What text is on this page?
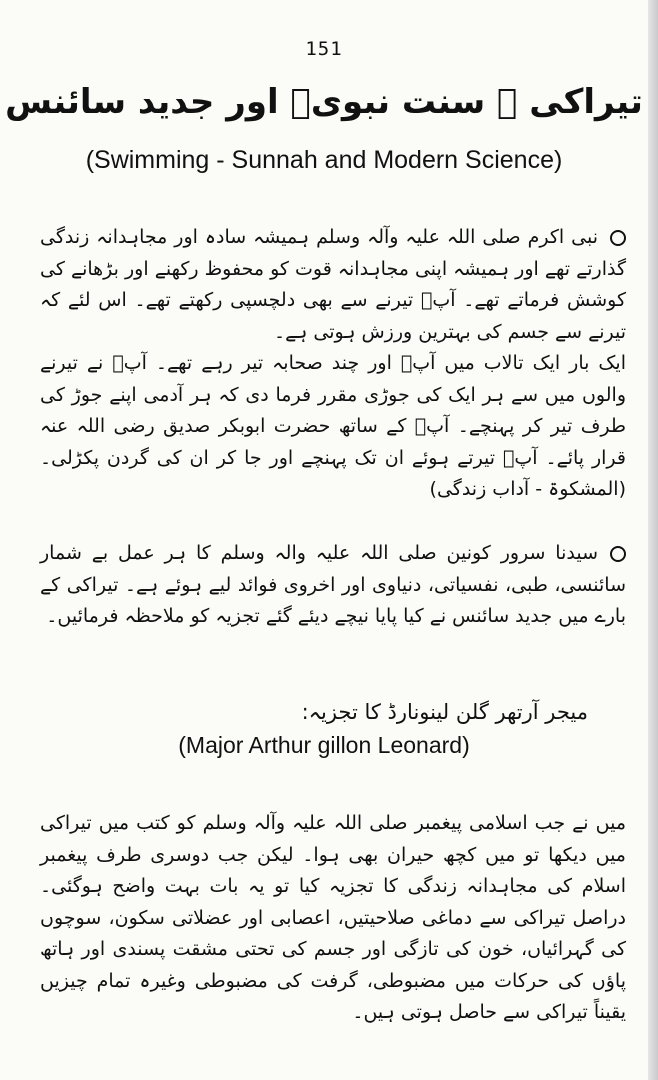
151
تیراکی ۔ سنت نبویؐ اور جدید سائنس
(Swimming - Sunnah and Modern Science)

نبی اکرم صلی اللہ علیہ وآلہ وسلم ہمیشہ سادہ اور مجاہدانہ زندگی گذارتے تھے اور ہمیشہ اپنی مجاہدانہ قوت کو محفوظ رکھنے اور بڑھانے کی کوشش فرماتے تھے۔ آپؐ تیرنے سے بھی دلچسپی رکھتے تھے۔ اس لئے کہ تیرنے سے جسم کی بہترین ورزش ہوتی ہے۔

ایک بار ایک تالاب میں آپؐ اور چند صحابہ تیر رہے تھے۔ آپؐ نے تیرنے والوں میں سے ہر ایک کی جوڑی مقرر فرما دی کہ ہر آدمی اپنے جوڑ کی طرف تیر کر پہنچے۔ آپؐ کے ساتھ حضرت ابوبکر صدیق رضی اللہ عنہ قرار پائے۔ آپؐ تیرتے ہوئے ان تک پہنچے اور جا کر ان کی گردن پکڑلی۔ (المشکوۃ - آداب زندگی)

سیدنا سرور کونین صلی اللہ علیہ والہ وسلم کا ہر عمل بے شمار سائنسی، طبی، نفسیاتی، دنیاوی اور اخروی فوائد لیے ہوئے ہے۔ تیراکی کے بارے میں جدید سائنس نے کیا پایا نیچے دیئے گئے تجزیہ کو ملاحظہ فرمائیں۔

میجر آرتھر گلن لینونارڈ کا تجزیہ:
(Major Arthur gillon Leonard)

میں نے جب اسلامی پیغمبر صلی اللہ علیہ وآلہ وسلم کو کتب میں تیراکی میں دیکھا تو میں کچھ حیران بھی ہوا۔ لیکن جب دوسری طرف پیغمبر اسلام کی مجاہدانہ زندگی کا تجزیہ کیا تو یہ بات بہت واضح ہوگئی۔ دراصل تیراکی سے دماغی صلاحیتیں، اعصابی اور عضلاتی سکون، سوچوں کی گہرائیاں، خون کی تازگی اور جسم کی تحتی مشقت پسندی اور ہاتھ پاؤں کی حرکات میں مضبوطی، گرفت کی مضبوطی وغیرہ تمام چیزیں یقیناً تیراکی سے حاصل ہوتی ہیں۔
